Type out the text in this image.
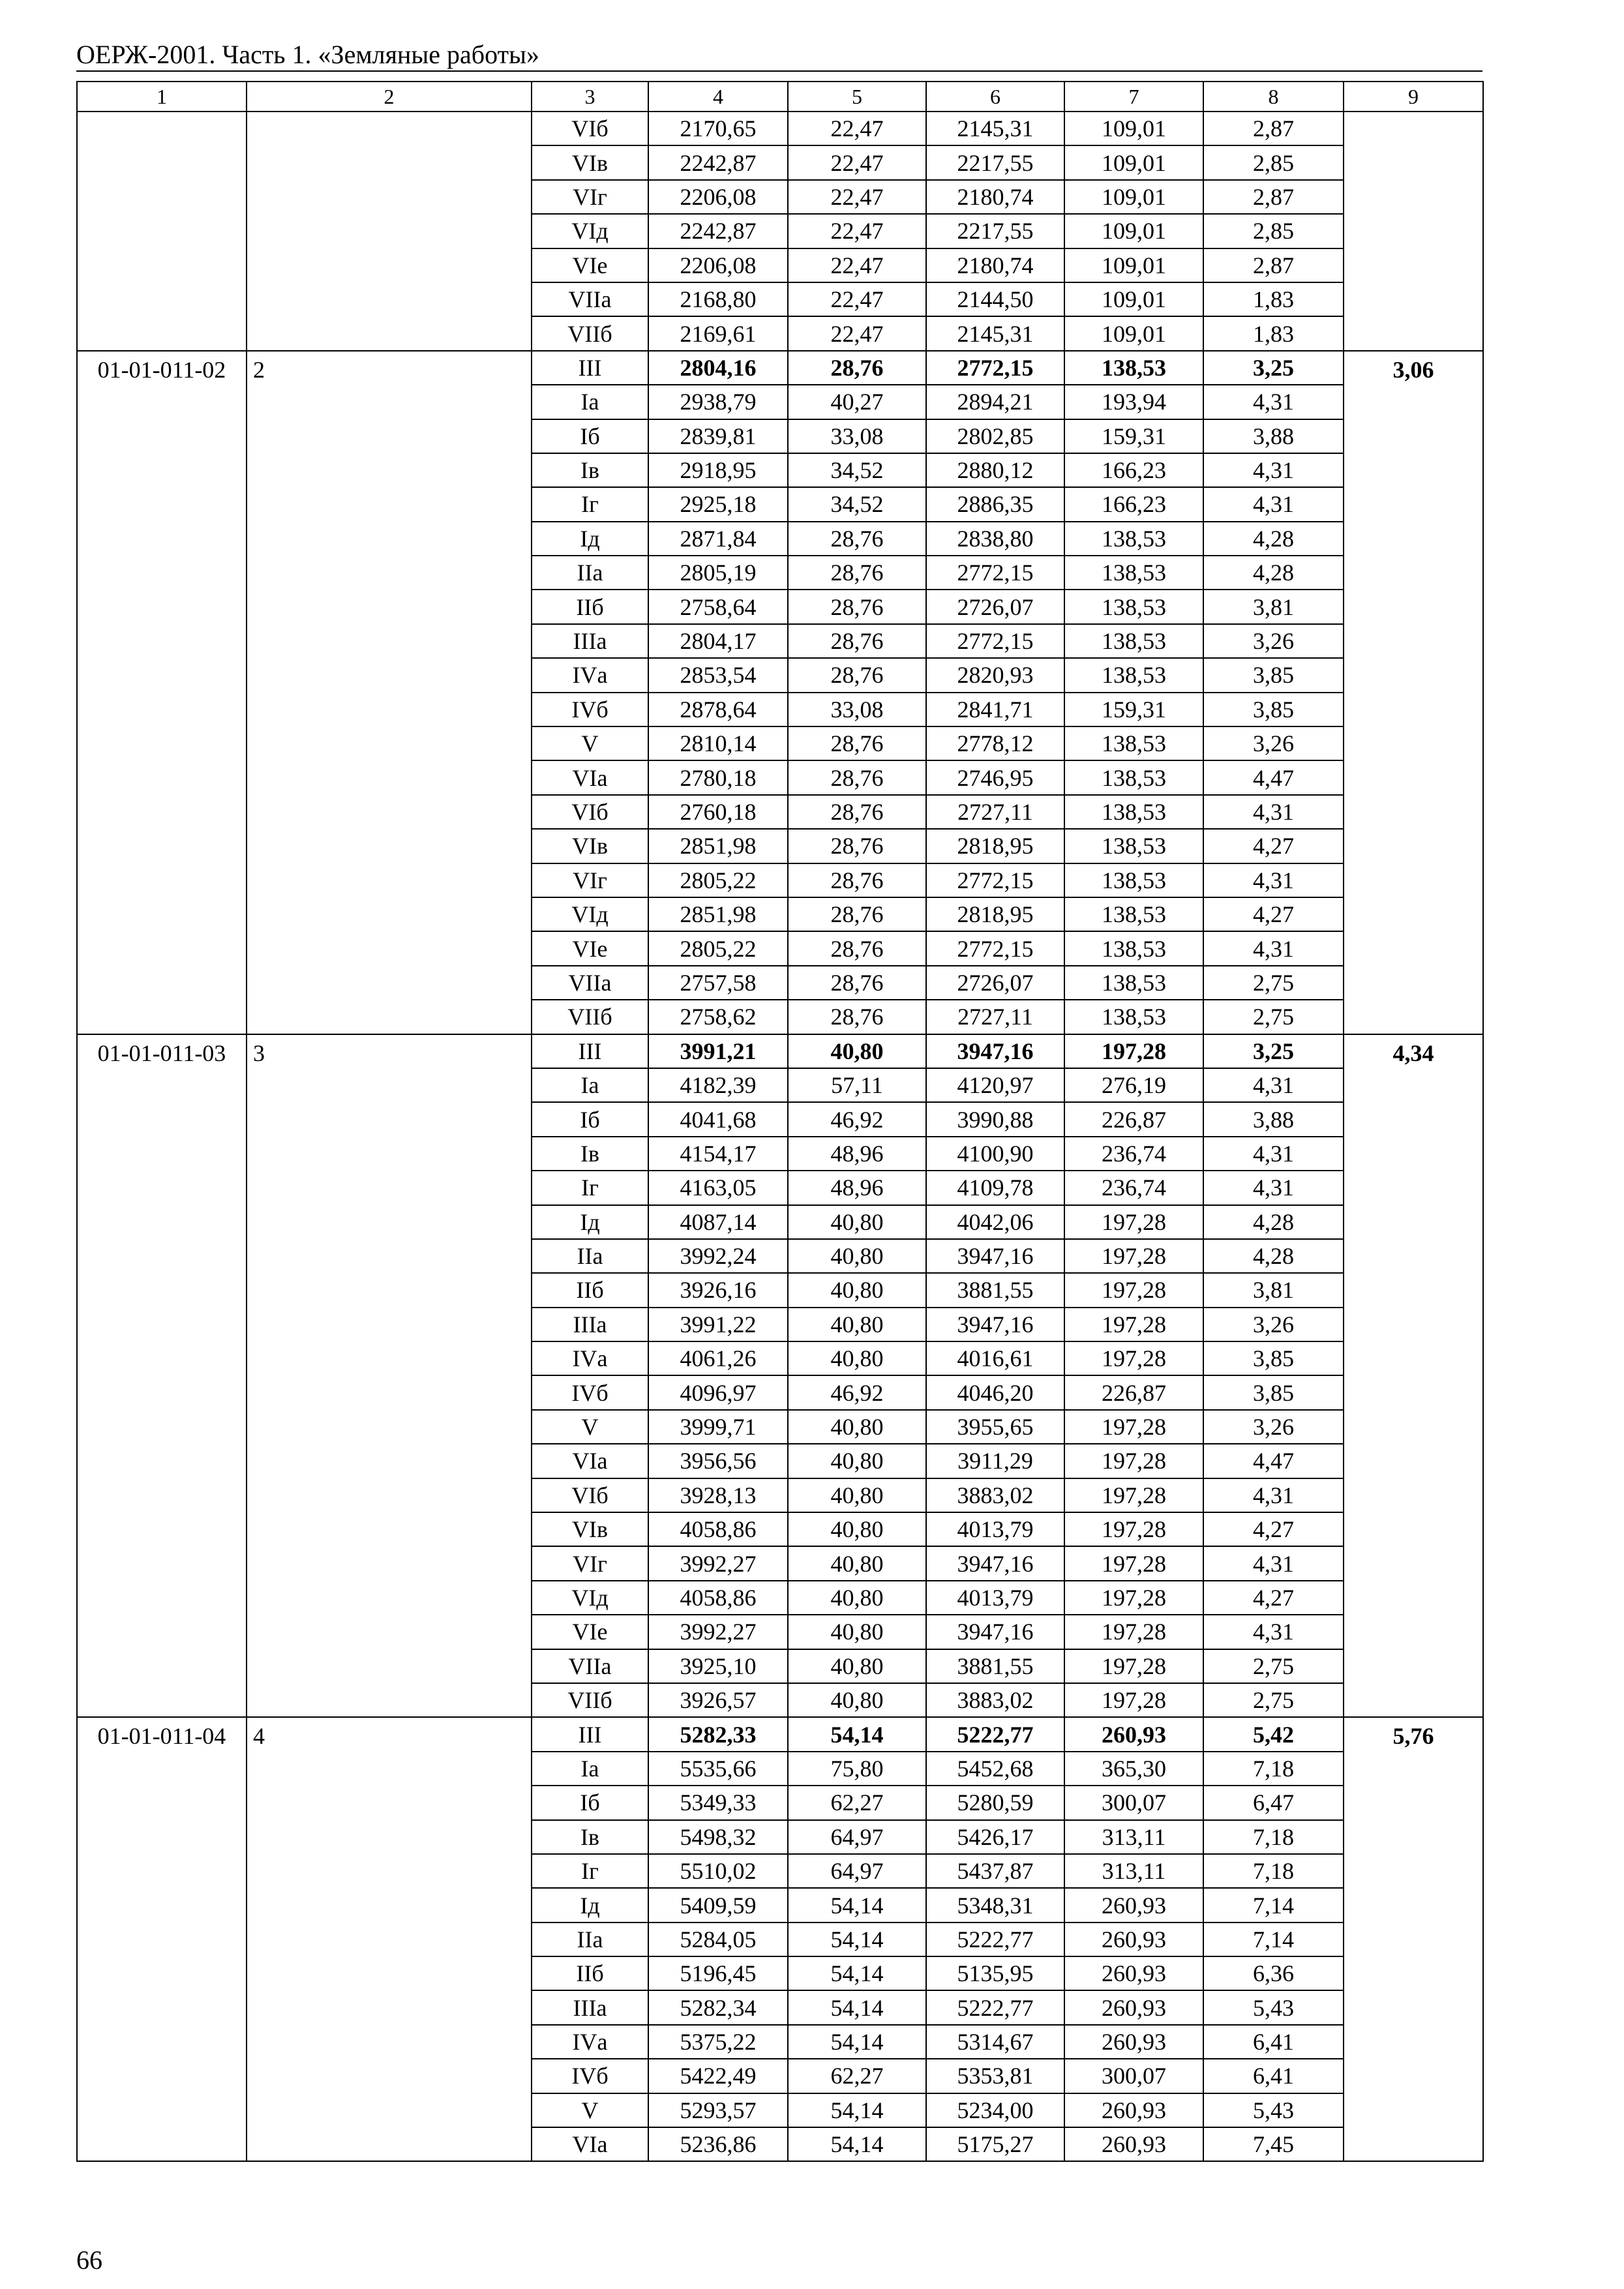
ОЕРЖ-2001. Часть 1. «Земляные работы»
1	2	3	4	5	6	7	8	9
		VIб	2170,65	22,47	2145,31	109,01	2,87	
		VIв	2242,87	22,47	2217,55	109,01	2,85	
		VIг	2206,08	22,47	2180,74	109,01	2,87	
		VIд	2242,87	22,47	2217,55	109,01	2,85	
		VIе	2206,08	22,47	2180,74	109,01	2,87	
		VIIа	2168,80	22,47	2144,50	109,01	1,83	
		VIIб	2169,61	22,47	2145,31	109,01	1,83	
01-01-011-02	2	III	2804,16	28,76	2772,15	138,53	3,25	3,06
		Iа	2938,79	40,27	2894,21	193,94	4,31	
		Iб	2839,81	33,08	2802,85	159,31	3,88	
		Iв	2918,95	34,52	2880,12	166,23	4,31	
		Iг	2925,18	34,52	2886,35	166,23	4,31	
		Iд	2871,84	28,76	2838,80	138,53	4,28	
		IIа	2805,19	28,76	2772,15	138,53	4,28	
		IIб	2758,64	28,76	2726,07	138,53	3,81	
		IIIа	2804,17	28,76	2772,15	138,53	3,26	
		IVа	2853,54	28,76	2820,93	138,53	3,85	
		IVб	2878,64	33,08	2841,71	159,31	3,85	
		V	2810,14	28,76	2778,12	138,53	3,26	
		VIа	2780,18	28,76	2746,95	138,53	4,47	
		VIб	2760,18	28,76	2727,11	138,53	4,31	
		VIв	2851,98	28,76	2818,95	138,53	4,27	
		VIг	2805,22	28,76	2772,15	138,53	4,31	
		VIд	2851,98	28,76	2818,95	138,53	4,27	
		VIе	2805,22	28,76	2772,15	138,53	4,31	
		VIIа	2757,58	28,76	2726,07	138,53	2,75	
		VIIб	2758,62	28,76	2727,11	138,53	2,75	
01-01-011-03	3	III	3991,21	40,80	3947,16	197,28	3,25	4,34
		Iа	4182,39	57,11	4120,97	276,19	4,31	
		Iб	4041,68	46,92	3990,88	226,87	3,88	
		Iв	4154,17	48,96	4100,90	236,74	4,31	
		Iг	4163,05	48,96	4109,78	236,74	4,31	
		Iд	4087,14	40,80	4042,06	197,28	4,28	
		IIа	3992,24	40,80	3947,16	197,28	4,28	
		IIб	3926,16	40,80	3881,55	197,28	3,81	
		IIIа	3991,22	40,80	3947,16	197,28	3,26	
		IVа	4061,26	40,80	4016,61	197,28	3,85	
		IVб	4096,97	46,92	4046,20	226,87	3,85	
		V	3999,71	40,80	3955,65	197,28	3,26	
		VIа	3956,56	40,80	3911,29	197,28	4,47	
		VIб	3928,13	40,80	3883,02	197,28	4,31	
		VIв	4058,86	40,80	4013,79	197,28	4,27	
		VIг	3992,27	40,80	3947,16	197,28	4,31	
		VIд	4058,86	40,80	4013,79	197,28	4,27	
		VIе	3992,27	40,80	3947,16	197,28	4,31	
		VIIа	3925,10	40,80	3881,55	197,28	2,75	
		VIIб	3926,57	40,80	3883,02	197,28	2,75	
01-01-011-04	4	III	5282,33	54,14	5222,77	260,93	5,42	5,76
		Iа	5535,66	75,80	5452,68	365,30	7,18	
		Iб	5349,33	62,27	5280,59	300,07	6,47	
		Iв	5498,32	64,97	5426,17	313,11	7,18	
		Iг	5510,02	64,97	5437,87	313,11	7,18	
		Iд	5409,59	54,14	5348,31	260,93	7,14	
		IIа	5284,05	54,14	5222,77	260,93	7,14	
		IIб	5196,45	54,14	5135,95	260,93	6,36	
		IIIа	5282,34	54,14	5222,77	260,93	5,43	
		IVа	5375,22	54,14	5314,67	260,93	6,41	
		IVб	5422,49	62,27	5353,81	300,07	6,41	
		V	5293,57	54,14	5234,00	260,93	5,43	
		VIа	5236,86	54,14	5175,27	260,93	7,45	
66
